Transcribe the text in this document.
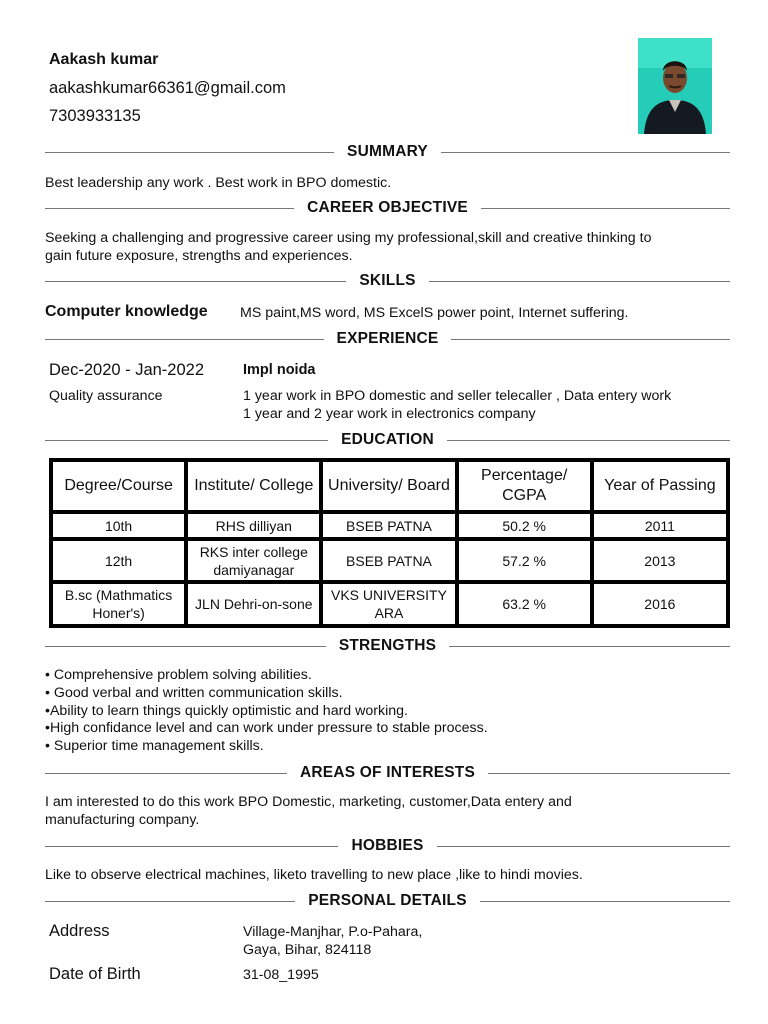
Aakash kumar
aakashkumar66361@gmail.com
7303933135
SUMMARY
Best leadership any work . Best work in BPO domestic.
CAREER OBJECTIVE
Seeking a challenging and progressive career using my professional,skill and creative thinking to
gain future exposure, strengths and experiences.
SKILLS
Computer knowledge MS paint,MS word, MS ExcelS power point, Internet suffering.
EXPERIENCE
Dec-2020 - Jan-2022	Impl noida
Quality assurance	1 year work in BPO domestic and seller telecaller , Data entery work
1 year and 2 year work in electronics company
EDUCATION
Degree/Course	Institute/ College	University/ Board	Percentage/ CGPA	Year of Passing
10th	RHS dilliyan	BSEB PATNA	50.2 %	2011
12th	RKS inter college damiyanagar	BSEB PATNA	57.2 %	2013
B.sc (Mathmatics Honer's)	JLN Dehri-on-sone	VKS UNIVERSITY ARA	63.2 %	2016
STRENGTHS
• Comprehensive problem solving abilities.
• Good verbal and written communication skills.
•Ability to learn things quickly optimistic and hard working.
•High confidance level and can work under pressure to stable process.
• Superior time management skills.
AREAS OF INTERESTS
I am interested to do this work BPO Domestic, marketing, customer,Data entery and
manufacturing company.
HOBBIES
Like to observe electrical machines, liketo travelling to new place ,like to hindi movies.
PERSONAL DETAILS
Address	Village-Manjhar, P.o-Pahara,
Gaya, Bihar, 824118
Date of Birth	31-08_1995
